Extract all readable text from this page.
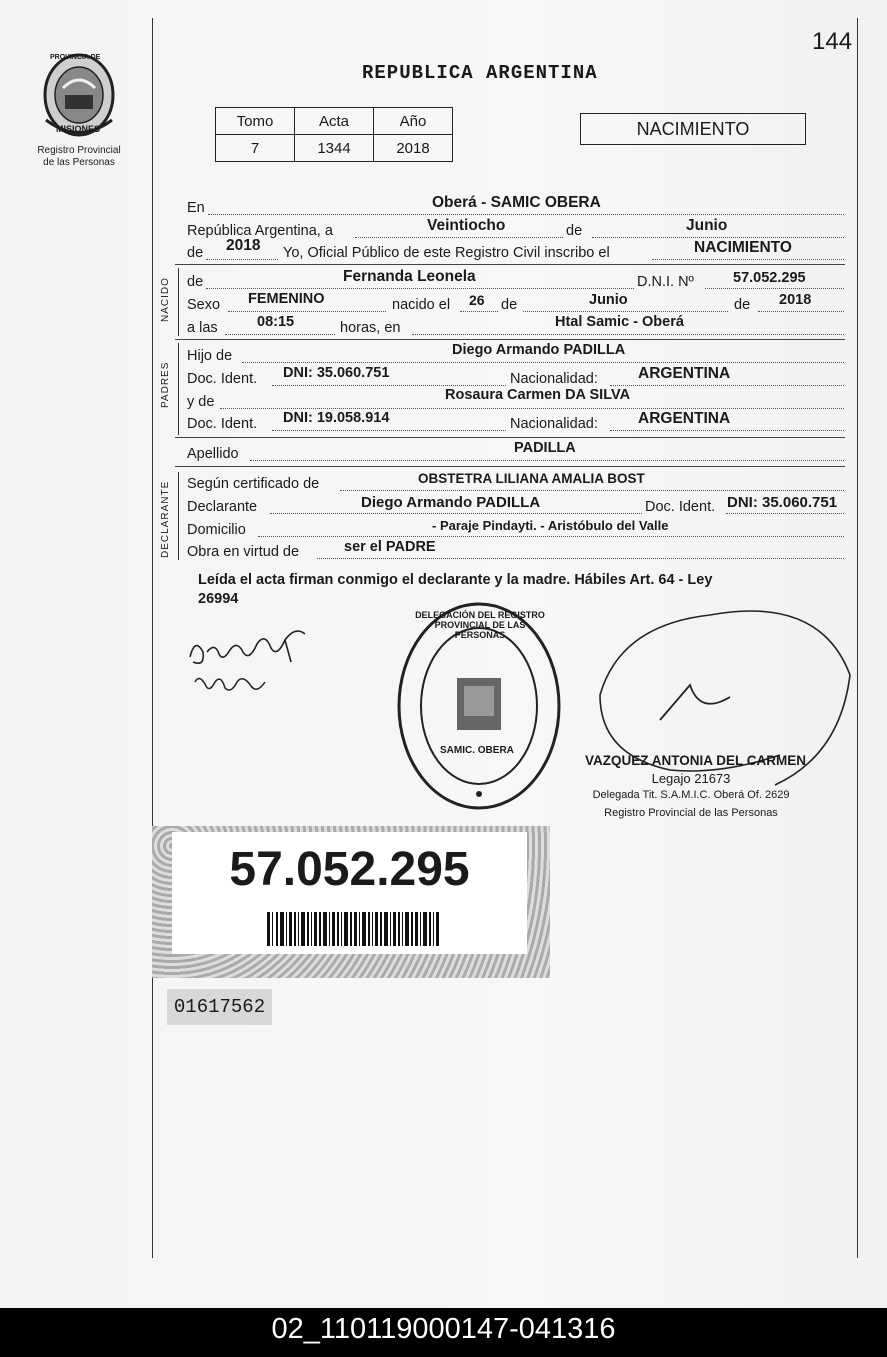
144
PROVINCIA DE
MISIONES
Registro Provincial
de las Personas
REPUBLICA ARGENTINA
Tomo	Acta	Año
7	1344	2018
NACIMIENTO
En	Oberá - SAMIC OBERA
República Argentina, a	Veintiocho	de	Junio
de 2018 Yo, Oficial Público de este Registro Civil inscribo el	NACIMIENTO
NACIDO de	Fernanda Leonela	D.N.I. Nº	57.052.295
Sexo FEMENINO	nacido el 26 de	Junio	de 2018
a las	08:15	horas, en	Htal Samic - Oberá
PADRES
Hijo de	Diego Armando PADILLA
Doc. Ident. DNI: 35.060.751	Nacionalidad:	ARGENTINA
y de	Rosaura Carmen DA SILVA
Doc. Ident. DNI: 19.058.914	Nacionalidad:	ARGENTINA
Apellido	PADILLA
DECLARANTE Según certificado de	OBSTETRA LILIANA AMALIA BOST
Declarante	Diego Armando PADILLA	Doc. Ident. DNI: 35.060.751
Domicilio	- Paraje Pindayti. - Aristóbulo del Valle
Obra en virtud de	ser el PADRE
Leída el acta firman conmigo el declarante y la madre. Hábiles Art. 64 - Ley
26994
DELEGACIÓN DEL REGISTRO PROVINCIAL DE LAS PERSONAS
SAMIC. OBERA
VAZQUEZ ANTONIA DEL CARMEN
Legajo 21673
Delegada Tit. S.A.M.I.C. Oberá Of. 2629
Registro Provincial de las Personas
57.052.295
01617562
02_110119000147-041316
